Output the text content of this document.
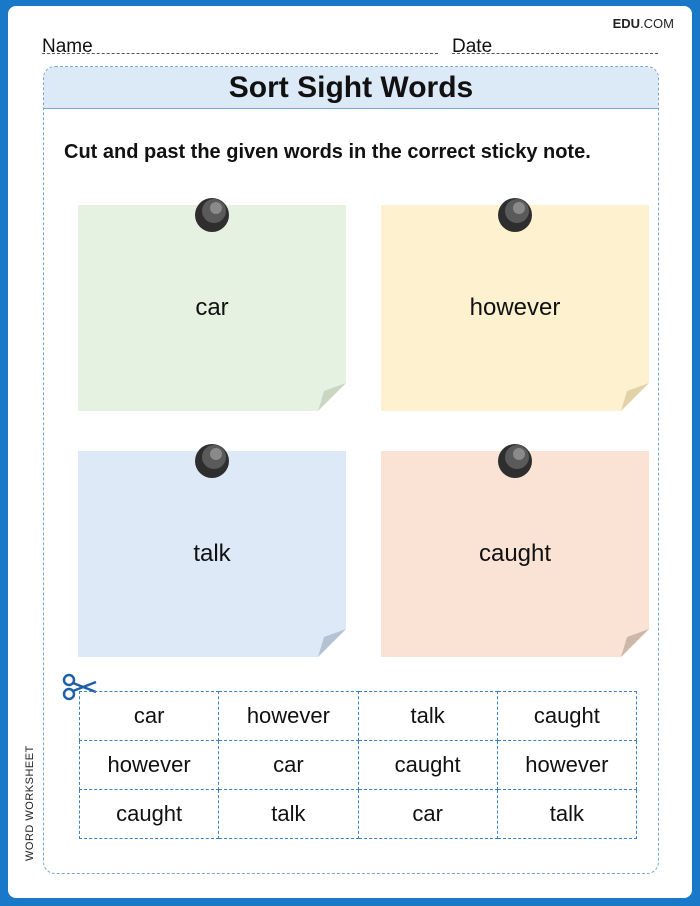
EDU.COM
Name	Date
Sort Sight Words
Cut and past the given words in the correct sticky note.
car	however
talk	caught
car	however	talk	caught
however	car	caught	however
caught	talk	car	talk
WORD WORKSHEET
